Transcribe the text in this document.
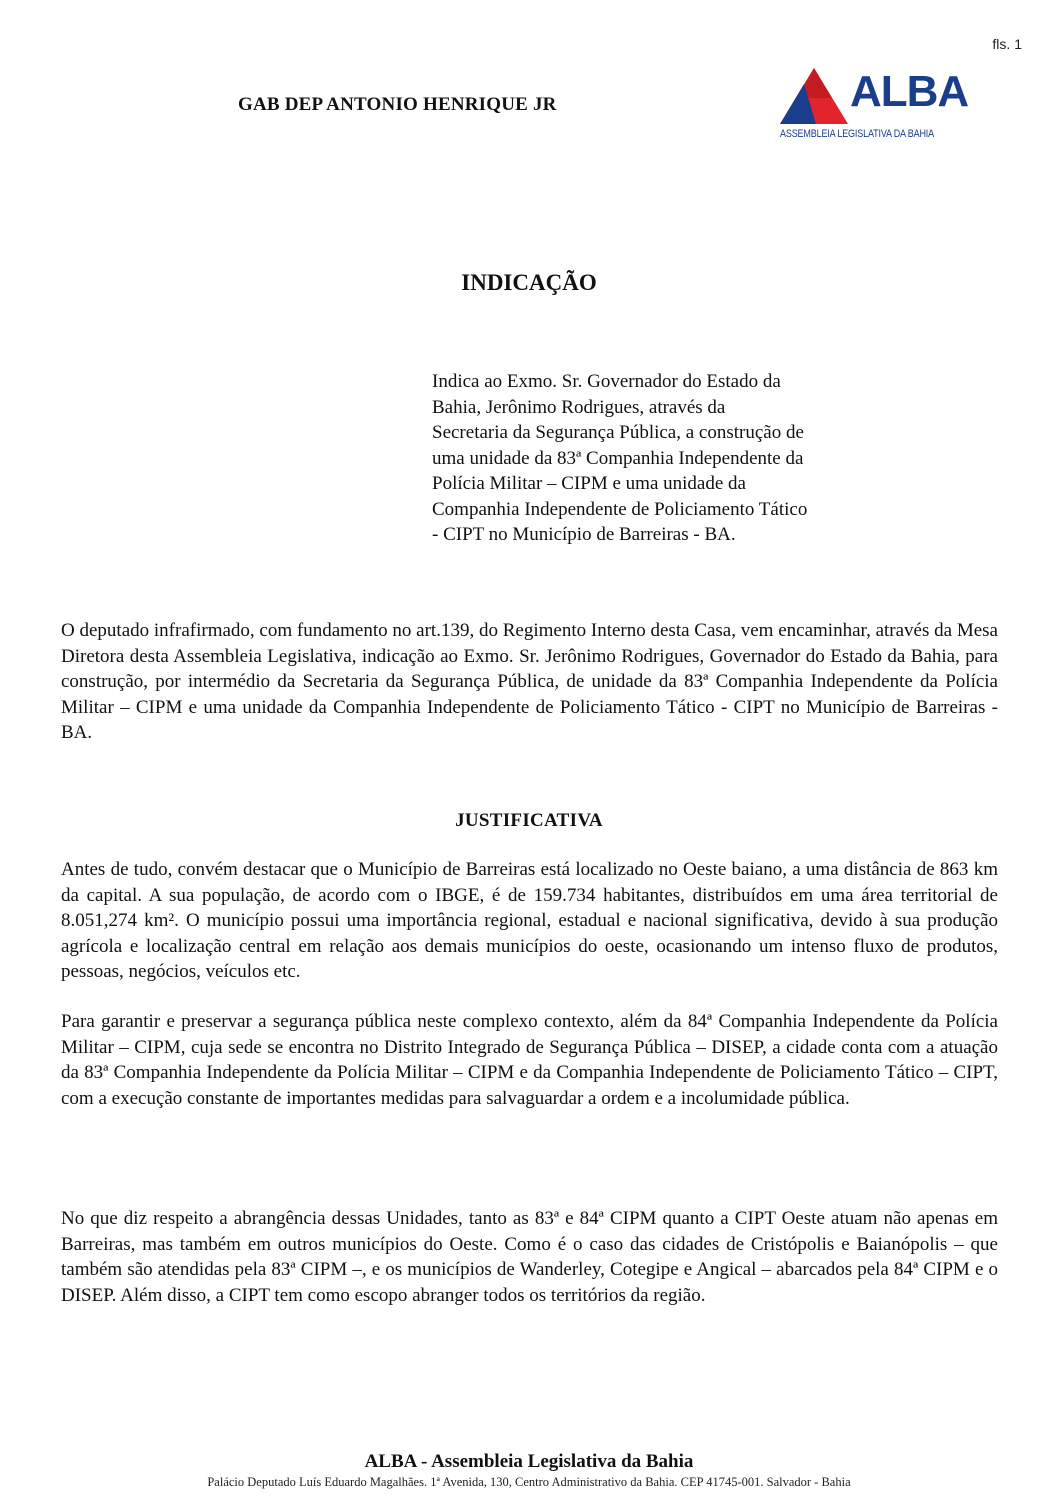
fls. 1
GAB DEP ANTONIO HENRIQUE JR	ALBA
ASSEMBLEIA LEGISLATIVA DA BAHIA
INDICAÇÃO
Indica ao Exmo. Sr. Governador do Estado da
Bahia, Jerônimo Rodrigues, através da
Secretaria da Segurança Pública, a construção de
uma unidade da 83ª Companhia Independente da
Polícia Militar – CIPM e uma unidade da
Companhia Independente de Policiamento Tático
- CIPT no Município de Barreiras - BA.
O deputado infrafirmado, com fundamento no art.139, do Regimento Interno desta Casa, vem encaminhar, através da Mesa Diretora desta Assembleia Legislativa, indicação ao Exmo. Sr. Jerônimo Rodrigues, Governador do Estado da Bahia, para construção, por intermédio da Secretaria da Segurança Pública, de unidade da 83ª Companhia Independente da Polícia Militar – CIPM e uma unidade da Companhia Independente de Policiamento Tático - CIPT no Município de Barreiras - BA.
JUSTIFICATIVA
Antes de tudo, convém destacar que o Município de Barreiras está localizado no Oeste baiano, a uma distância de 863 km da capital. A sua população, de acordo com o IBGE, é de 159.734 habitantes, distribuídos em uma área territorial de 8.051,274 km². O município possui uma importância regional, estadual e nacional significativa, devido à sua produção agrícola e localização central em relação aos demais municípios do oeste, ocasionando um intenso fluxo de produtos, pessoas, negócios, veículos etc.
Para garantir e preservar a segurança pública neste complexo contexto, além da 84ª Companhia Independente da Polícia Militar – CIPM, cuja sede se encontra no Distrito Integrado de Segurança Pública – DISEP, a cidade conta com a atuação da 83ª Companhia Independente da Polícia Militar – CIPM e da Companhia Independente de Policiamento Tático – CIPT, com a execução constante de importantes medidas para salvaguardar a ordem e a incolumidade pública.
No que diz respeito a abrangência dessas Unidades, tanto as 83ª e 84ª CIPM quanto a CIPT Oeste atuam não apenas em Barreiras, mas também em outros municípios do Oeste. Como é o caso das cidades de Cristópolis e Baianópolis – que também são atendidas pela 83ª CIPM –, e os municípios de Wanderley, Cotegipe e Angical – abarcados pela 84ª CIPM e o DISEP. Além disso, a CIPT tem como escopo abranger todos os territórios da região.
ALBA - Assembleia Legislativa da Bahia
Palácio Deputado Luís Eduardo Magalhães. 1ª Avenida, 130, Centro Administrativo da Bahia. CEP 41745-001. Salvador - Bahia
